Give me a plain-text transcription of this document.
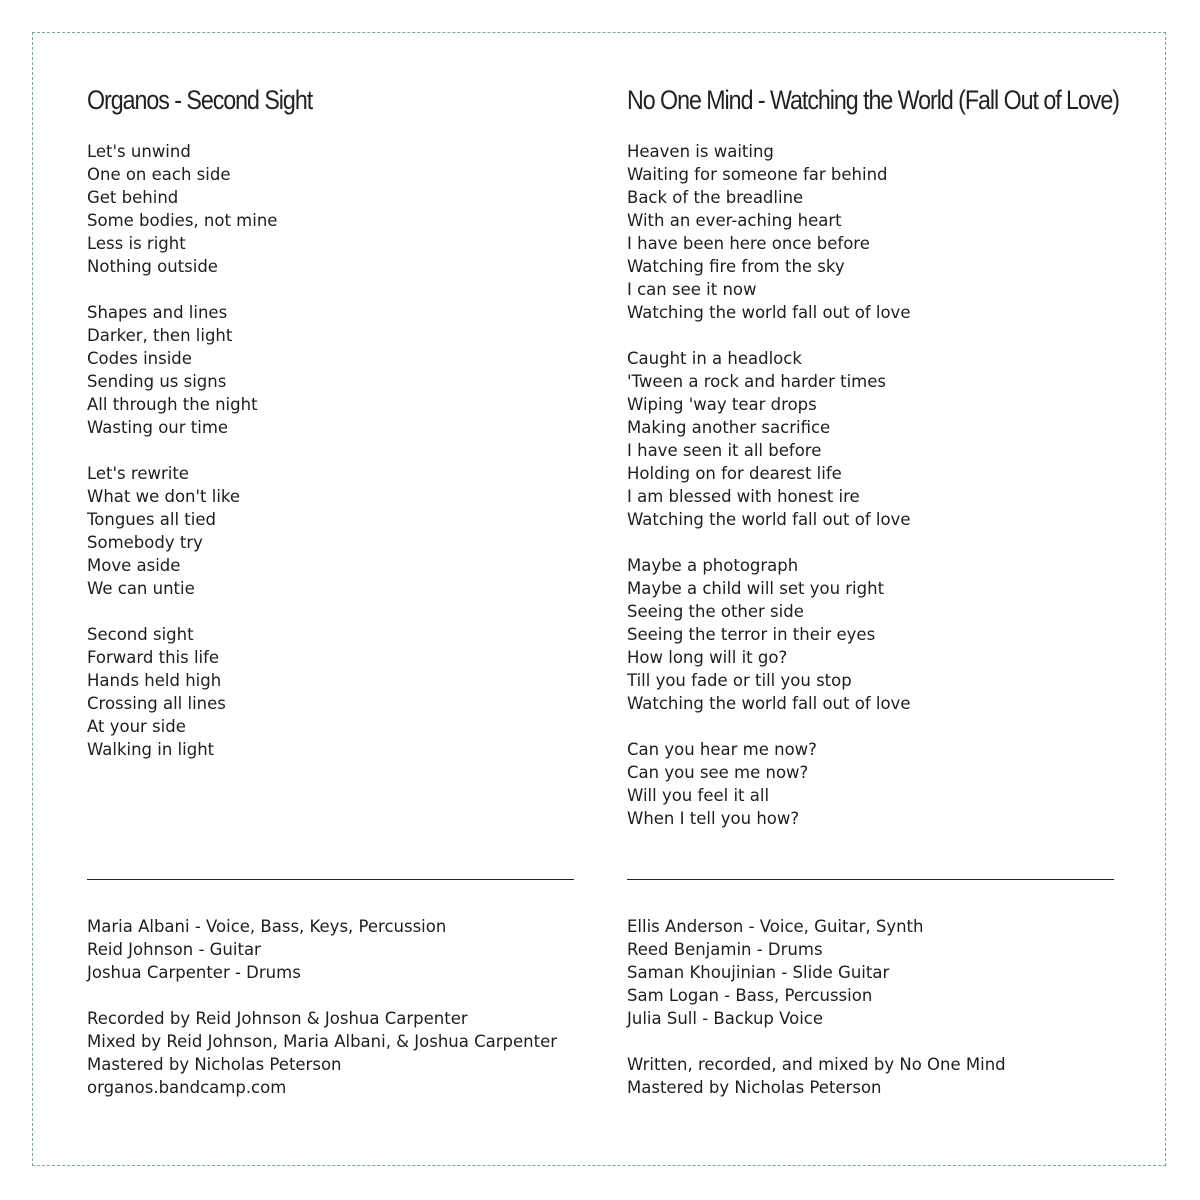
Organos - Second Sight
Let's unwind
One on each side
Get behind
Some bodies, not mine
Less is right
Nothing outside
Shapes and lines
Darker, then light
Codes inside
Sending us signs
All through the night
Wasting our time
Let's rewrite
What we don't like
Tongues all tied
Somebody try
Move aside
We can untie
Second sight
Forward this life
Hands held high
Crossing all lines
At your side
Walking in light
Maria Albani - Voice, Bass, Keys, Percussion
Reid Johnson - Guitar
Joshua Carpenter - Drums
Recorded by Reid Johnson & Joshua Carpenter
Mixed by Reid Johnson, Maria Albani, & Joshua Carpenter
Mastered by Nicholas Peterson
organos.bandcamp.com
No One Mind - Watching the World (Fall Out of Love)
Heaven is waiting
Waiting for someone far behind
Back of the breadline
With an ever-aching heart
I have been here once before
Watching fire from the sky
I can see it now
Watching the world fall out of love
Caught in a headlock
'Tween a rock and harder times
Wiping 'way tear drops
Making another sacrifice
I have seen it all before
Holding on for dearest life
I am blessed with honest ire
Watching the world fall out of love
Maybe a photograph
Maybe a child will set you right
Seeing the other side
Seeing the terror in their eyes
How long will it go?
Till you fade or till you stop
Watching the world fall out of love
Can you hear me now?
Can you see me now?
Will you feel it all
When I tell you how?
Ellis Anderson - Voice, Guitar, Synth
Reed Benjamin - Drums
Saman Khoujinian - Slide Guitar
Sam Logan - Bass, Percussion
Julia Sull - Backup Voice
Written, recorded, and mixed by No One Mind
Mastered by Nicholas Peterson
